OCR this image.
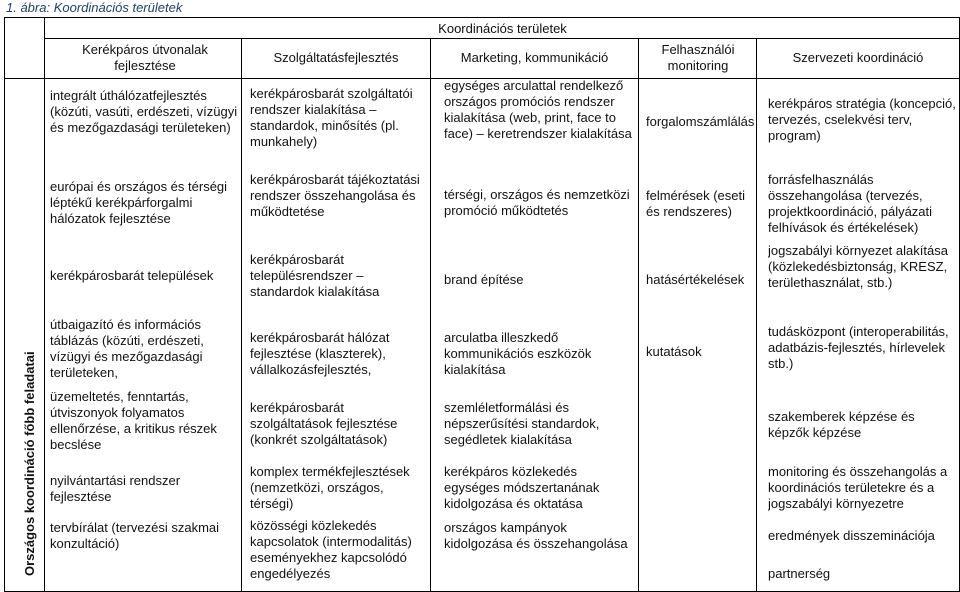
1. ábra: Koordinációs területek
Koordinációs területek
Országos koordináció főbb feladatai
Kerékpáros útvonalak fejlesztése
Szolgáltatásfejlesztés	Marketing, kommunikáció
Felhasználói monitoring
Szervezeti koordináció
integrált úthálózatfejlesztés (közúti, vasúti, erdészeti, vízügyi és mezőgazdasági területeken)
európai és országos és térségi léptékű kerékpárforgalmi hálózatok fejlesztése
kerékpárosbarát települések
útbaigazító és információs táblázás (közúti, erdészeti, vízügyi és mezőgazdasági területeken,
üzemeltetés, fenntartás, útviszonyok folyamatos ellenőrzése, a kritikus részek becslése
nyilvántartási rendszer fejlesztése
tervbírálat (tervezési szakmai konzultáció)
kerékpárosbarát szolgáltatói rendszer kialakítása – standardok, minősítés (pl. munkahely)
kerékpárosbarát tájékoztatási rendszer összehangolása és működtetése
kerékpárosbarát településrendszer – standardok kialakítása
kerékpárosbarát hálózat fejlesztése (klaszterek), vállalkozásfejlesztés,
kerékpárosbarát szolgáltatások fejlesztése (konkrét szolgáltatások)
komplex termékfejlesztések (nemzetközi, országos, térségi)
közösségi közlekedés kapcsolatok (intermodalitás) eseményekhez kapcsolódó engedélyezés
egységes arculattal rendelkező országos promóciós rendszer kialakítása (web, print, face to face) – keretrendszer kialakítása
térségi, országos és nemzetközi promóció működtetés
brand építése
arculatba illeszkedő kommunikációs eszközök kialakítása
szemléletformálási és népszerűsítési standardok, segédletek kialakítása
kerékpáros közlekedés egységes módszertanának kidolgozása és oktatása
országos kampányok kidolgozása és összehangolása
forgalomszámlálás
felmérések (eseti és rendszeres)
hatásértékelések
kutatások
kerékpáros stratégia (koncepció, tervezés, cselekvési terv, program)
forrásfelhasználás összehangolása (tervezés, projektkoordináció, pályázati felhívások és értékelések)
jogszabályi környezet alakítása (közlekedésbiztonság, KRESZ, területhasználat, stb.)
tudásközpont (interoperabilitás, adatbázis-fejlesztés, hírlevelek stb.)
szakemberek képzése és képzők képzése
monitoring és összehangolás a koordinációs területekre és a jogszabályi környezetre
eredmények disszeminációja
partnerség
